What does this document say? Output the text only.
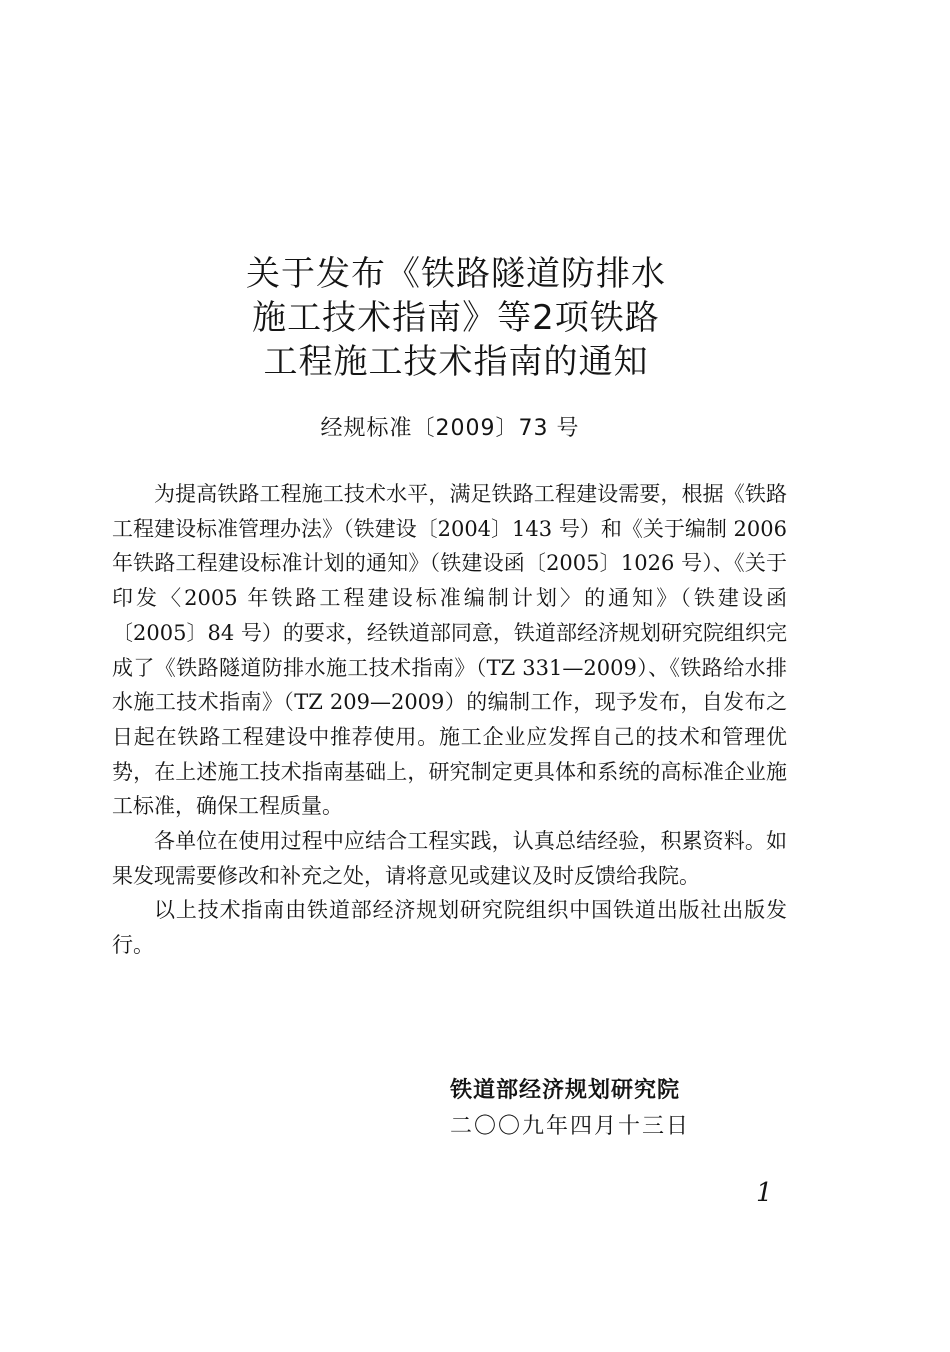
关于发布《铁路隧道防排水
施工技术指南》等2项铁路
工程施工技术指南的通知
经规标准〔2009〕73 号

为提高铁路工程施工技术水平，满足铁路工程建设需要，根据《铁路工程建设标准管理办法》（铁建设〔2004〕143 号）和《关于编制 2006 年铁路工程建设标准计划的通知》（铁建设函〔2005〕1026 号）、《关于印发〈2005 年铁路工程建设标准编制计划〉的通知》（铁建设函〔2005〕84 号）的要求，经铁道部同意，铁道部经济规划研究院组织完成了《铁路隧道防排水施工技术指南》（TZ 331—2009）、《铁路给水排水施工技术指南》（TZ 209—2009）的编制工作，现予发布，自发布之日起在铁路工程建设中推荐使用。施工企业应发挥自己的技术和管理优势，在上述施工技术指南基础上，研究制定更具体和系统的高标准企业施工标准，确保工程质量。

各单位在使用过程中应结合工程实践，认真总结经验，积累资料。如果发现需要修改和补充之处，请将意见或建议及时反馈给我院。

以上技术指南由铁道部经济规划研究院组织中国铁道出版社出版发行。

铁道部经济规划研究院
二〇〇九年四月十三日
1
